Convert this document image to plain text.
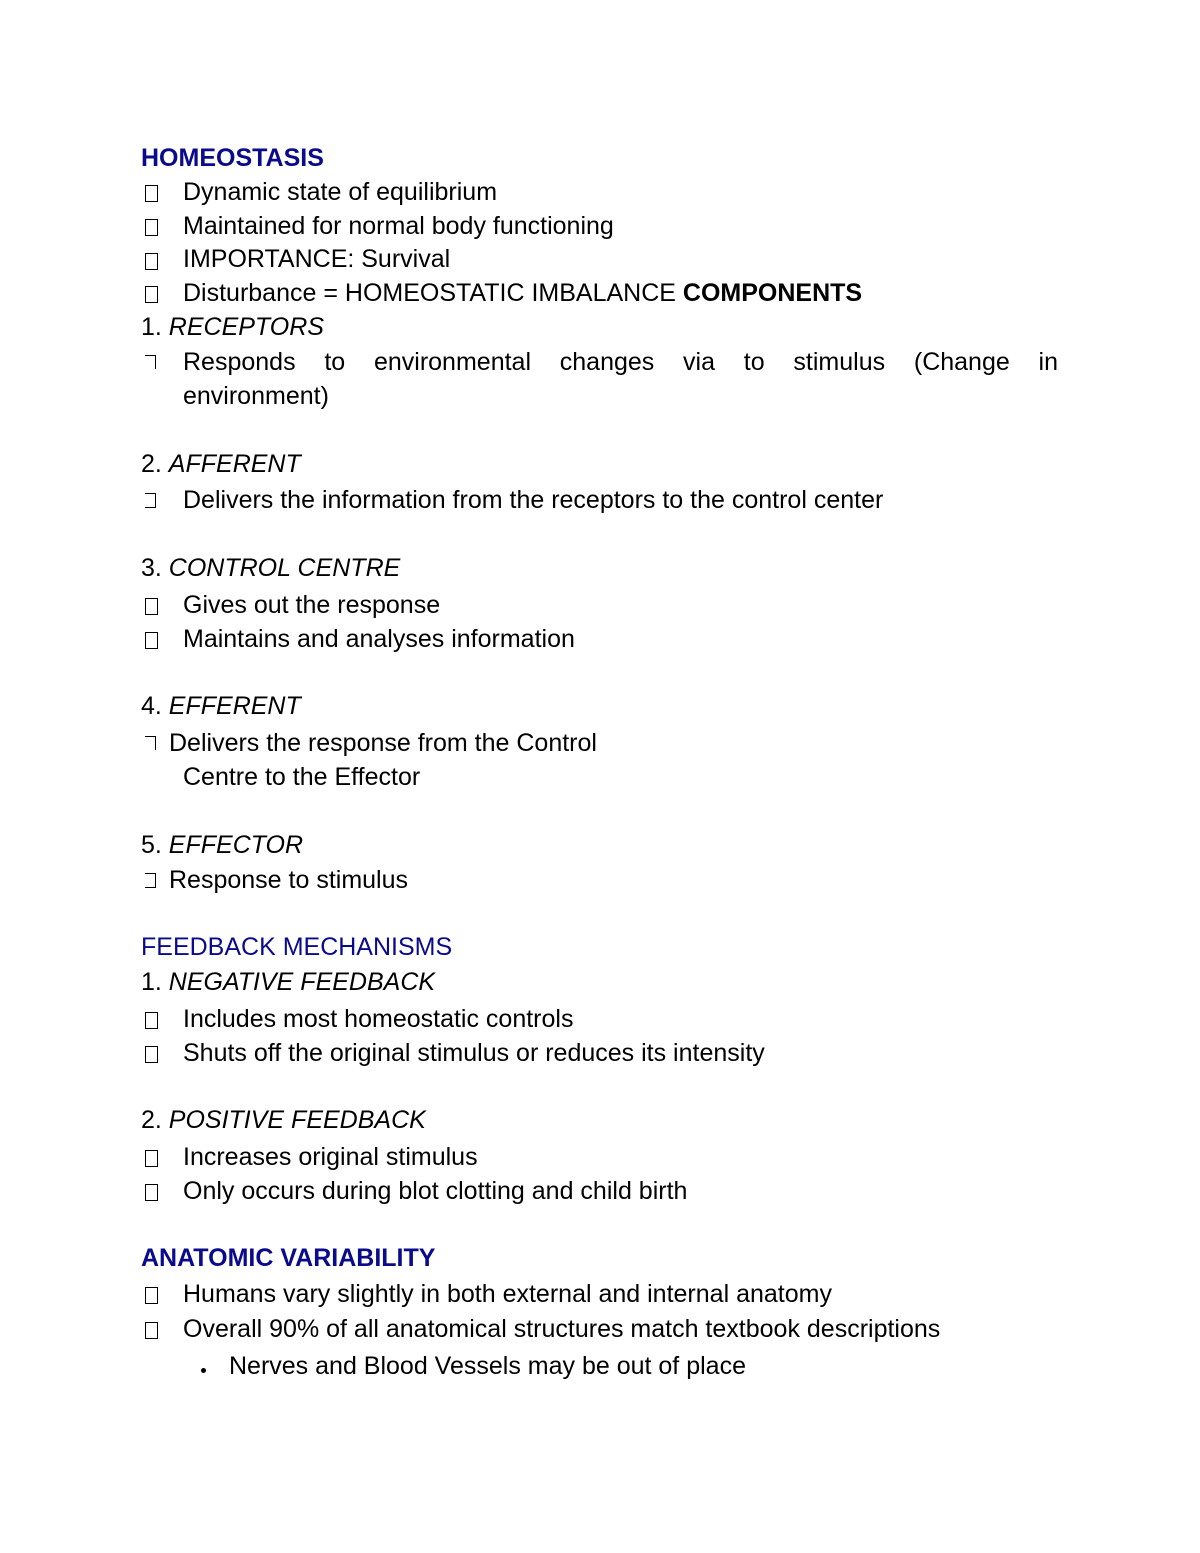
HOMEOSTASIS
Dynamic state of equilibrium
Maintained for normal body functioning
IMPORTANCE: Survival
Disturbance = HOMEOSTATIC IMBALANCE COMPONENTS
1. RECEPTORS
Responds to environmental changes via to stimulus (Change in
environment)
2. AFFERENT
Delivers the information from the receptors to the control center
3. CONTROL CENTRE
Gives out the response
Maintains and analyses information
4. EFFERENT
Delivers the response from the Control
Centre to the Effector
5. EFFECTOR
Response to stimulus
FEEDBACK MECHANISMS
1. NEGATIVE FEEDBACK
Includes most homeostatic controls
Shuts off the original stimulus or reduces its intensity
2. POSITIVE FEEDBACK
Increases original stimulus
Only occurs during blot clotting and child birth
ANATOMIC VARIABILITY
Humans vary slightly in both external and internal anatomy
Overall 90% of all anatomical structures match textbook descriptions
Nerves and Blood Vessels may be out of place
